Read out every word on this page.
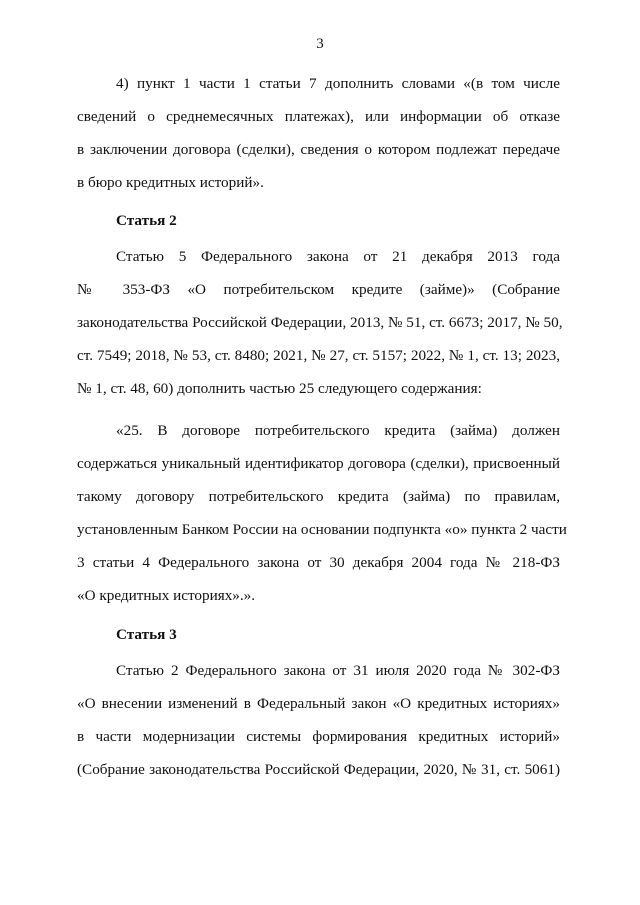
3
4) пункт 1 части 1 статьи 7 дополнить словами «(в том числе
сведений о среднемесячных платежах), или информации об отказе
в заключении договора (сделки), сведения о котором подлежат передаче
в бюро кредитных историй».
Статья 2
Статью 5 Федерального закона от 21 декабря 2013 года
№ 353-ФЗ «О потребительском кредите (займе)» (Собрание
законодательства Российской Федерации, 2013, № 51, ст. 6673; 2017, № 50,
ст. 7549; 2018, № 53, ст. 8480; 2021, № 27, ст. 5157; 2022, № 1, ст. 13; 2023,
№ 1, ст. 48, 60) дополнить частью 25 следующего содержания:
«25. В договоре потребительского кредита (займа) должен
содержаться уникальный идентификатор договора (сделки), присвоенный
такому договору потребительского кредита (займа) по правилам,
установленным Банком России на основании подпункта «о» пункта 2 части
3 статьи 4 Федерального закона от 30 декабря 2004 года № 218-ФЗ
«О кредитных историях».».
Статья 3
Статью 2 Федерального закона от 31 июля 2020 года № 302-ФЗ
«О внесении изменений в Федеральный закон «О кредитных историях»
в части модернизации системы формирования кредитных историй»
(Собрание законодательства Российской Федерации, 2020, № 31, ст. 5061)
